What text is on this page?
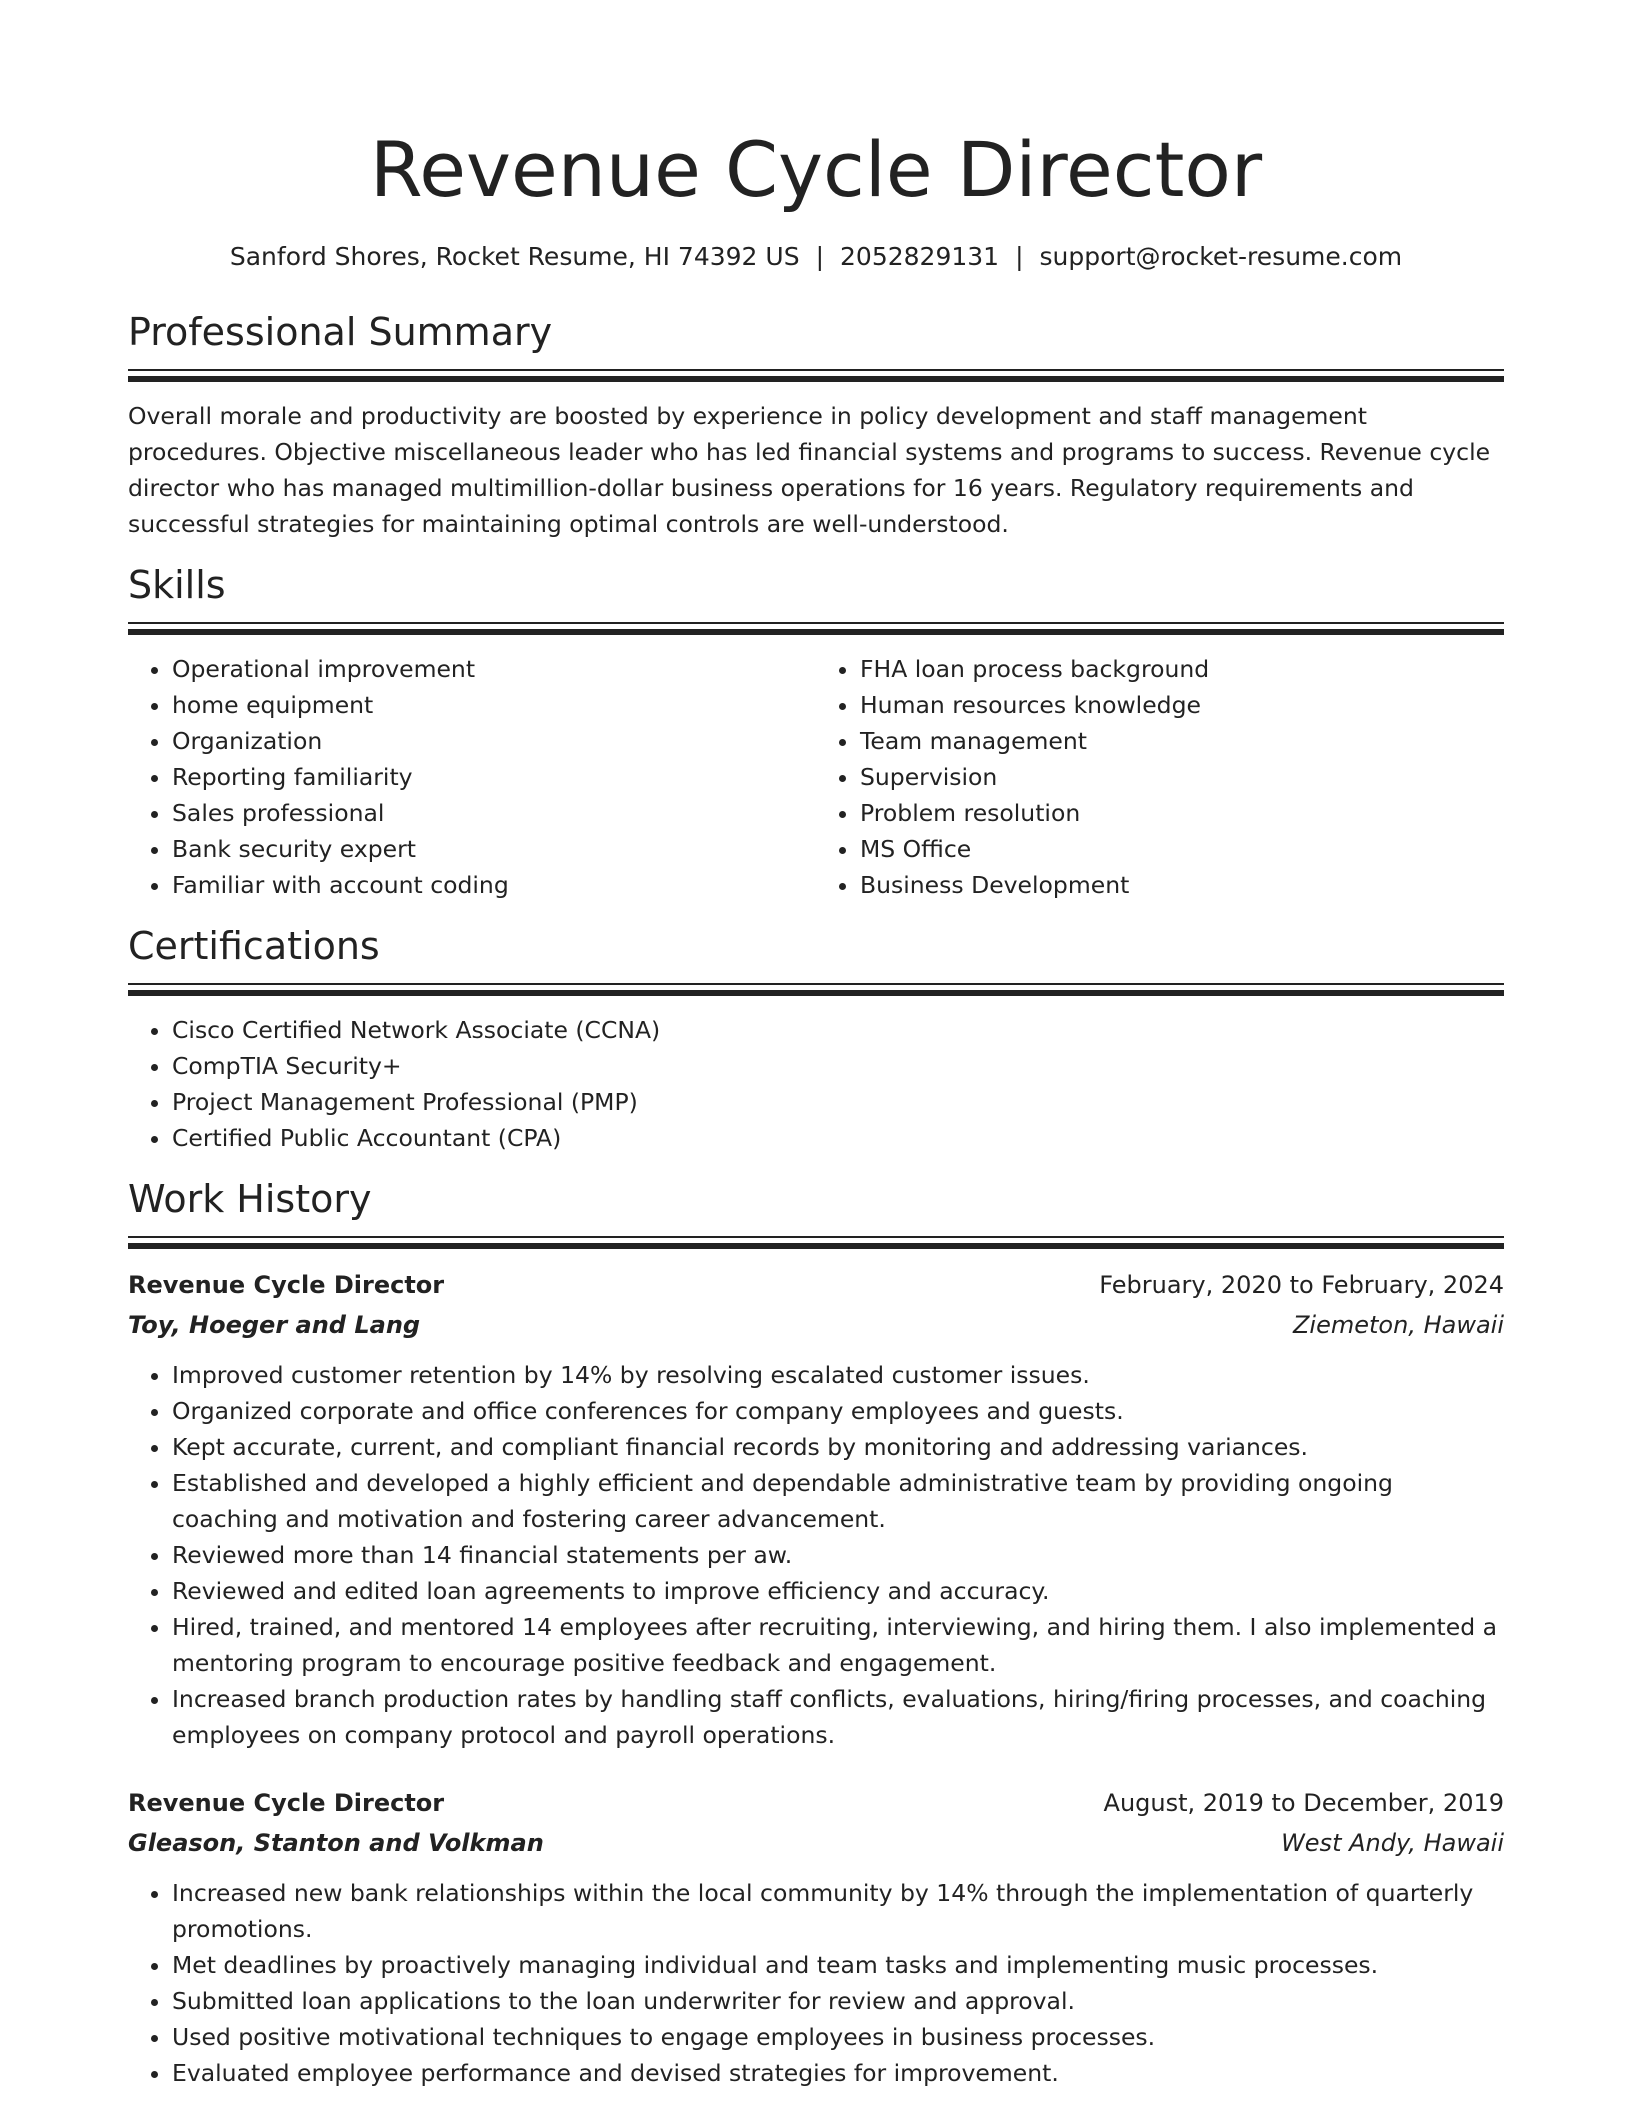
Revenue Cycle Director
Sanford Shores, Rocket Resume, HI 74392 US | 2052829131 | support@rocket-resume.com
Professional Summary

Overall morale and productivity are boosted by experience in policy development and staff management procedures. Objective miscellaneous leader who has led financial systems and programs to success. Revenue cycle director who has managed multimillion-dollar business operations for 16 years. Regulatory requirements and successful strategies for maintaining optimal controls are well-understood.

Skills
• Operational improvement
• home equipment
• Organization
• Reporting familiarity
• Sales professional
• Bank security expert
• Familiar with account coding
• FHA loan process background
• Human resources knowledge
• Team management
• Supervision
• Problem resolution
• MS Office
• Business Development
Certifications
• Cisco Certified Network Associate (CCNA)
• CompTIA Security+
• Project Management Professional (PMP)
• Certified Public Accountant (CPA)
Work History
Revenue Cycle Director	February, 2020 to February, 2024
Toy, Hoeger and Lang	Ziemeton, Hawaii
• Improved customer retention by 14% by resolving escalated customer issues.
• Organized corporate and office conferences for company employees and guests.
• Kept accurate, current, and compliant financial records by monitoring and addressing variances.
• Established and developed a highly efficient and dependable administrative team by providing ongoing coaching and motivation and fostering career advancement.
• Reviewed more than 14 financial statements per aw.
• Reviewed and edited loan agreements to improve efficiency and accuracy.
• Hired, trained, and mentored 14 employees after recruiting, interviewing, and hiring them. I also implemented a mentoring program to encourage positive feedback and engagement.
• Increased branch production rates by handling staff conflicts, evaluations, hiring/firing processes, and coaching employees on company protocol and payroll operations.
Revenue Cycle Director	August, 2019 to December, 2019
Gleason, Stanton and Volkman	West Andy, Hawaii
• Increased new bank relationships within the local community by 14% through the implementation of quarterly promotions.
• Met deadlines by proactively managing individual and team tasks and implementing music processes.
• Submitted loan applications to the loan underwriter for review and approval.
• Used positive motivational techniques to engage employees in business processes.
• Evaluated employee performance and devised strategies for improvement.
